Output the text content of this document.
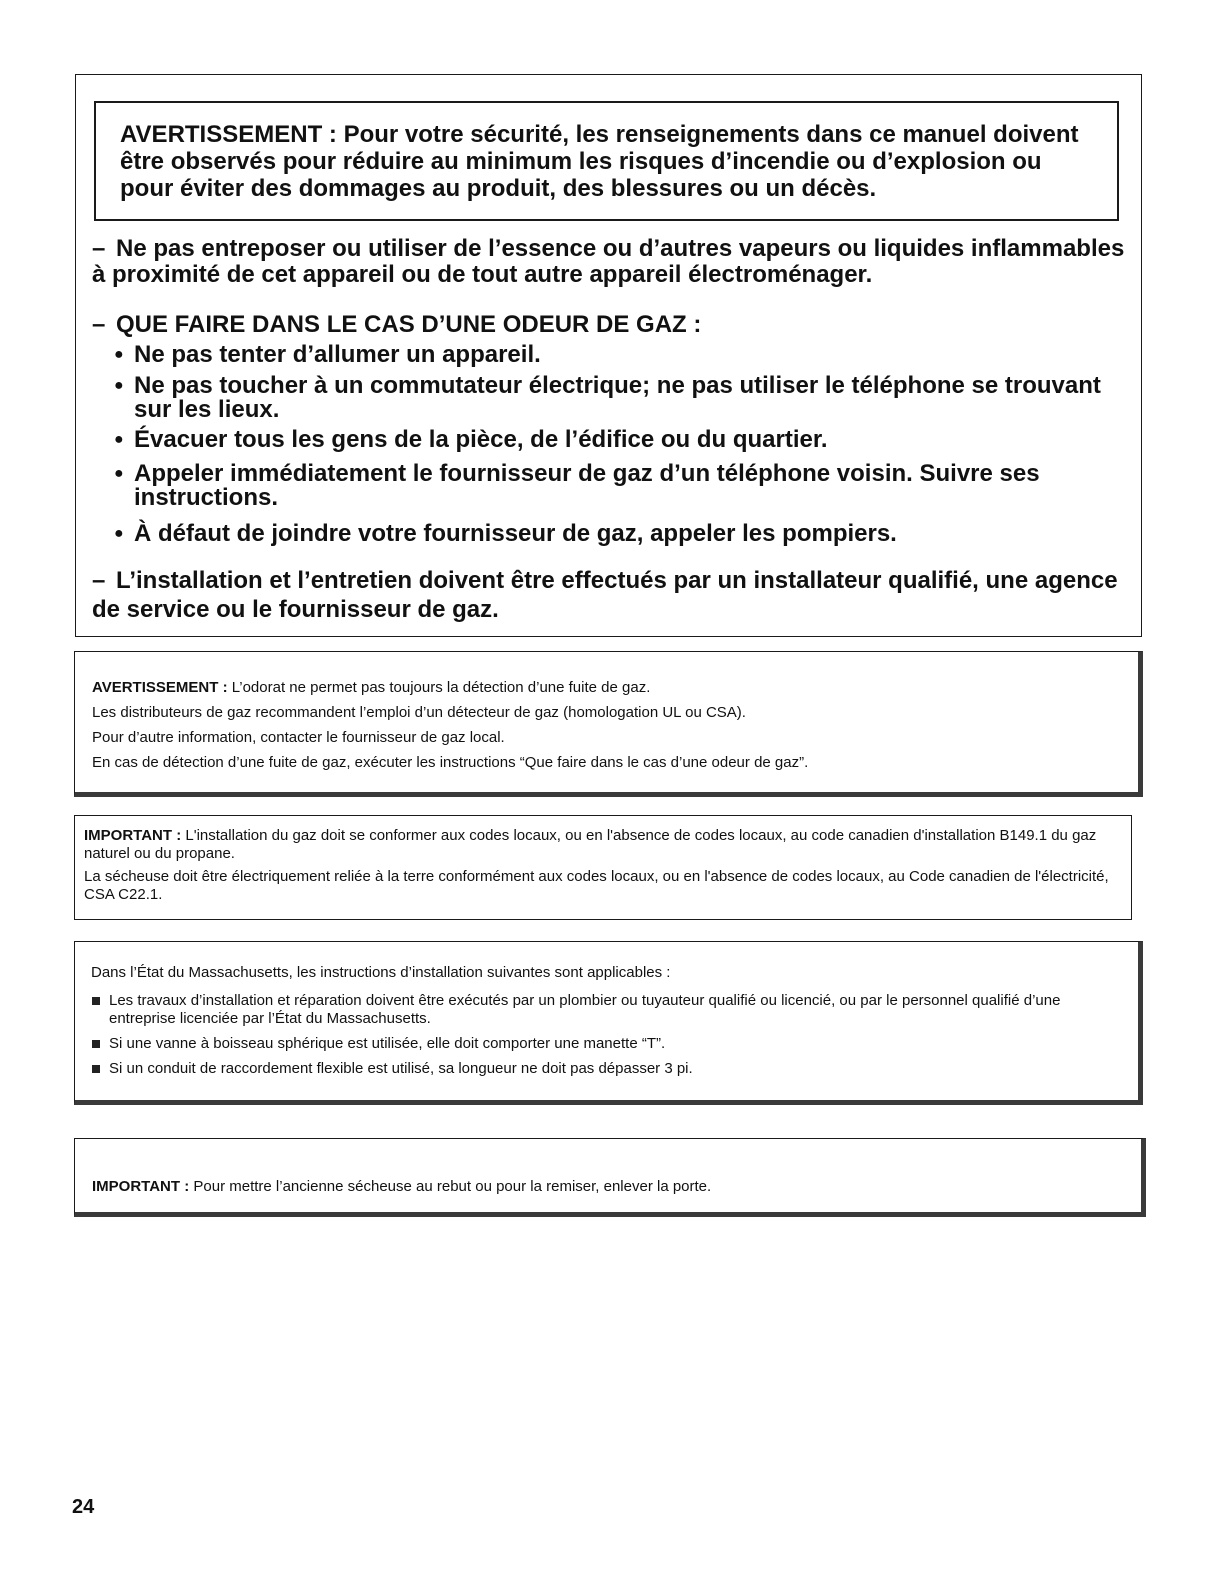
AVERTISSEMENT : Pour votre sécurité, les renseignements dans ce manuel doivent être observés pour réduire au minimum les risques d’incendie ou d’explosion ou pour éviter des dommages au produit, des blessures ou un décès.

– Ne pas entreposer ou utiliser de l’essence ou d’autres vapeurs ou liquides inflammables à proximité de cet appareil ou de tout autre appareil électroménager.

– QUE FAIRE DANS LE CAS D’UNE ODEUR DE GAZ :

● Ne pas tenter d’allumer un appareil.
● Ne pas toucher à un commutateur électrique; ne pas utiliser le téléphone se trouvant sur les lieux.
● Évacuer tous les gens de la pièce, de l’édifice ou du quartier.
● Appeler immédiatement le fournisseur de gaz d’un téléphone voisin. Suivre ses instructions.
● À défaut de joindre votre fournisseur de gaz, appeler les pompiers.

– L’installation et l’entretien doivent être effectués par un installateur qualifié, une agence de service ou le fournisseur de gaz.

AVERTISSEMENT : L’odorat ne permet pas toujours la détection d’une fuite de gaz.

Les distributeurs de gaz recommandent l’emploi d’un détecteur de gaz (homologation UL ou CSA).

Pour d’autre information, contacter le fournisseur de gaz local.

En cas de détection d’une fuite de gaz, exécuter les instructions “Que faire dans le cas d’une odeur de gaz”.

IMPORTANT : L'installation du gaz doit se conformer aux codes locaux, ou en l'absence de codes locaux, au code canadien d'installation B149.1 du gaz naturel ou du propane.

La sécheuse doit être électriquement reliée à la terre conformément aux codes locaux, ou en l'absence de codes locaux, au Code canadien de l'électricité, CSA C22.1.

Dans l’État du Massachusetts, les instructions d’installation suivantes sont applicables :

Les travaux d’installation et réparation doivent être exécutés par un plombier ou tuyauteur qualifié ou licencié, ou par le personnel qualifié d’une entreprise licenciée par l’État du Massachusetts.
Si une vanne à boisseau sphérique est utilisée, elle doit comporter une manette “T”.
Si un conduit de raccordement flexible est utilisé, sa longueur ne doit pas dépasser 3 pi.

IMPORTANT : Pour mettre l’ancienne sécheuse au rebut ou pour la remiser, enlever la porte.

24
